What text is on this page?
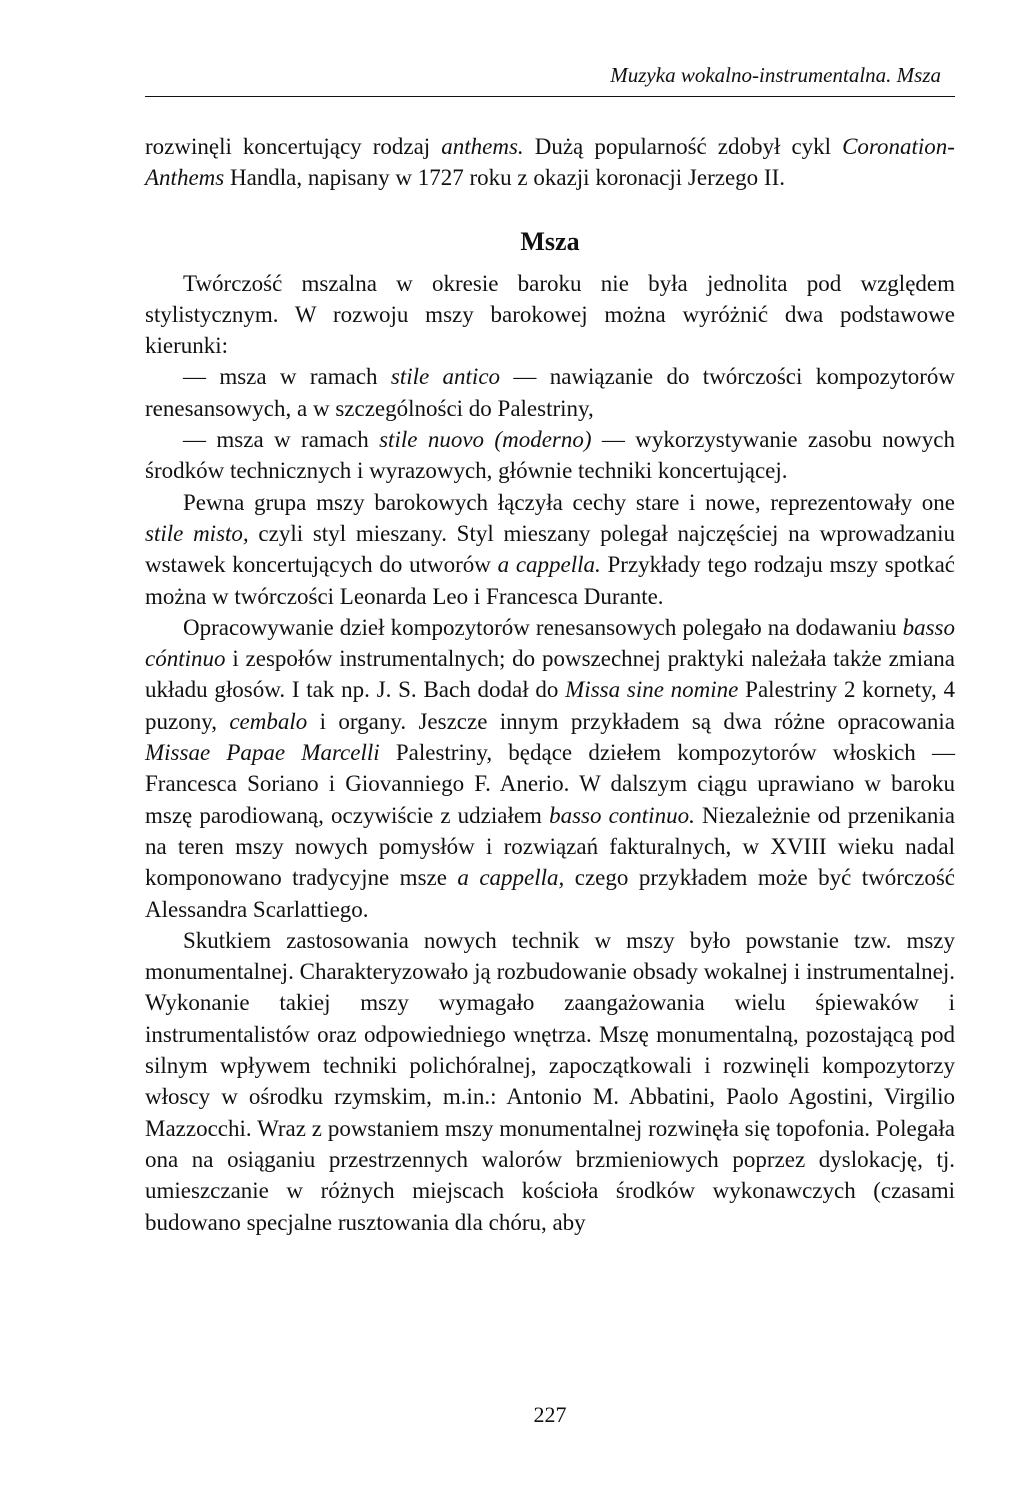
Muzyka wokalno-instrumentalna. Msza

rozwinęli koncertujący rodzaj anthems. Dużą popularność zdobył cykl Coronation-Anthems Handla, napisany w 1727 roku z okazji koronacji Jerzego II.

Msza

Twórczość mszalna w okresie baroku nie była jednolita pod względem stylistycznym. W rozwoju mszy barokowej można wyróżnić dwa podstawowe kierunki:

— msza w ramach stile antico — nawiązanie do twórczości kompozytorów renesansowych, a w szczególności do Palestriny,

— msza w ramach stile nuovo (moderno) — wykorzystywanie zasobu nowych środków technicznych i wyrazowych, głównie techniki koncertującej.

Pewna grupa mszy barokowych łączyła cechy stare i nowe, reprezentowały one stile misto, czyli styl mieszany. Styl mieszany polegał najczęściej na wprowadzaniu wstawek koncertujących do utworów a cappella. Przykłady tego rodzaju mszy spotkać można w twórczości Leonarda Leo i Francesca Durante.

Opracowywanie dzieł kompozytorów renesansowych polegało na dodawaniu basso cóntinuo i zespołów instrumentalnych; do powszechnej praktyki należała także zmiana układu głosów. I tak np. J. S. Bach dodał do Missa sine nomine Palestriny 2 kornety, 4 puzony, cembalo i organy. Jeszcze innym przykładem są dwa różne opracowania Missae Papae Marcelli Palestriny, będące dziełem kompozytorów włoskich — Francesca Soriano i Giovanniego F. Anerio. W dalszym ciągu uprawiano w baroku mszę parodiowaną, oczywiście z udziałem basso continuo. Niezależnie od przenikania na teren mszy nowych pomysłów i rozwiązań fakturalnych, w XVIII wieku nadal komponowano tradycyjne msze a cappella, czego przykładem może być twórczość Alessandra Scarlattiego.

Skutkiem zastosowania nowych technik w mszy było powstanie tzw. mszy monumentalnej. Charakteryzowało ją rozbudowanie obsady wokalnej i instrumentalnej. Wykonanie takiej mszy wymagało zaangażowania wielu śpiewaków i instrumentalistów oraz odpowiedniego wnętrza. Mszę monumentalną, pozostającą pod silnym wpływem techniki polichóralnej, zapoczątkowali i rozwinęli kompozytorzy włoscy w ośrodku rzymskim, m.in.: Antonio M. Abbatini, Paolo Agostini, Virgilio Mazzocchi. Wraz z powstaniem mszy monumentalnej rozwinęła się topofonia. Polegała ona na osiąganiu przestrzennych walorów brzmieniowych poprzez dyslokację, tj. umieszczanie w różnych miejscach kościoła środków wykonawczych (czasami budowano specjalne rusztowania dla chóru, aby

227
